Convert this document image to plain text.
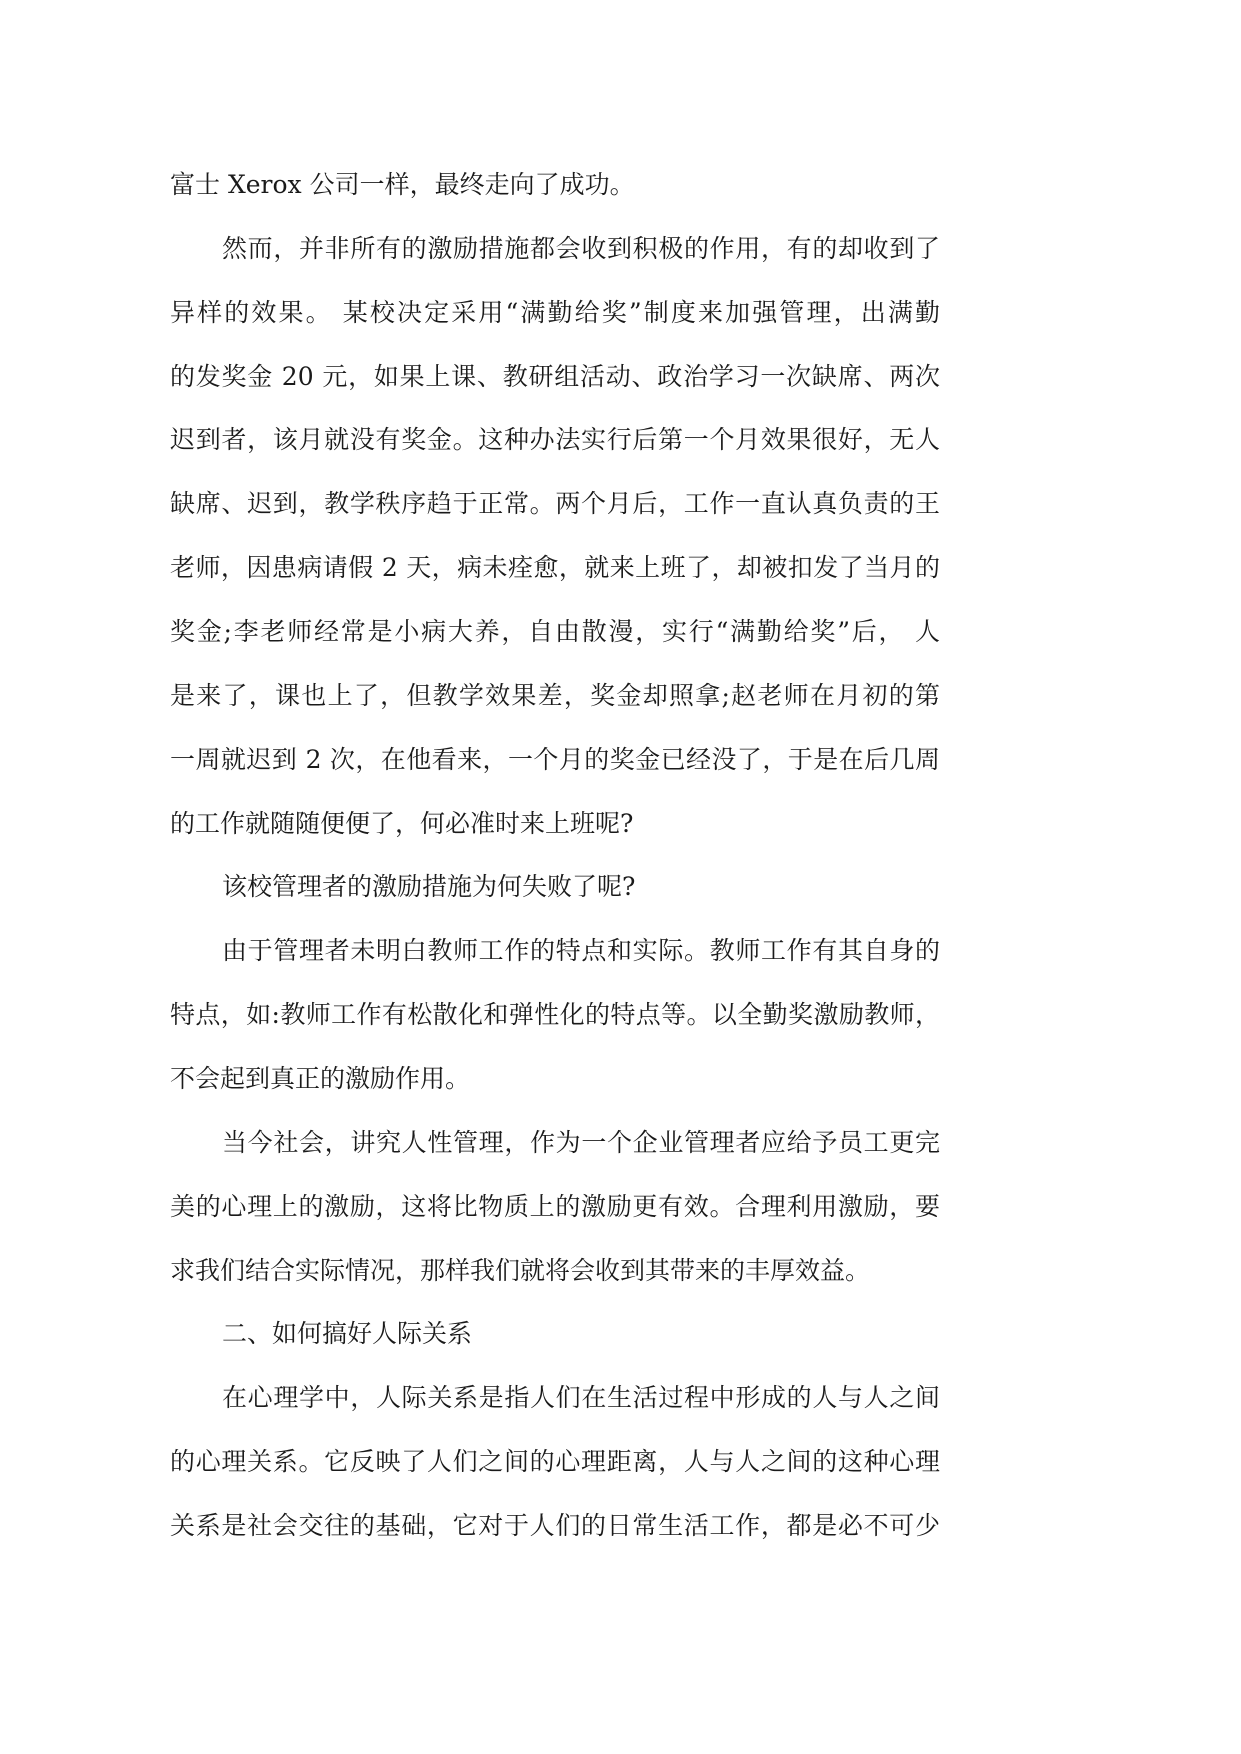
富士 Xerox 公司一样，最终走向了成功。
然而，并非所有的激励措施都会收到积极的作用，有的却收到了
异样的效果。 某校决定采用“满勤给奖”制度来加强管理，出满勤
的发奖金 20 元，如果上课、教研组活动、政治学习一次缺席、两次
迟到者，该月就没有奖金。这种办法实行后第一个月效果很好，无人
缺席、迟到，教学秩序趋于正常。两个月后，工作一直认真负责的王
老师，因患病请假 2 天，病未痊愈，就来上班了，却被扣发了当月的
奖金;李老师经常是小病大养，自由散漫，实行“满勤给奖”后， 人
是来了，课也上了，但教学效果差，奖金却照拿;赵老师在月初的第
一周就迟到 2 次，在他看来，一个月的奖金已经没了，于是在后几周
的工作就随随便便了，何必准时来上班呢?
该校管理者的激励措施为何失败了呢?
由于管理者未明白教师工作的特点和实际。教师工作有其自身的
特点，如:教师工作有松散化和弹性化的特点等。以全勤奖激励教师，
不会起到真正的激励作用。
当今社会，讲究人性管理，作为一个企业管理者应给予员工更完
美的心理上的激励，这将比物质上的激励更有效。合理利用激励，要
求我们结合实际情况，那样我们就将会收到其带来的丰厚效益。
二、如何搞好人际关系
在心理学中，人际关系是指人们在生活过程中形成的人与人之间
的心理关系。它反映了人们之间的心理距离，人与人之间的这种心理
关系是社会交往的基础，它对于人们的日常生活工作，都是必不可少
